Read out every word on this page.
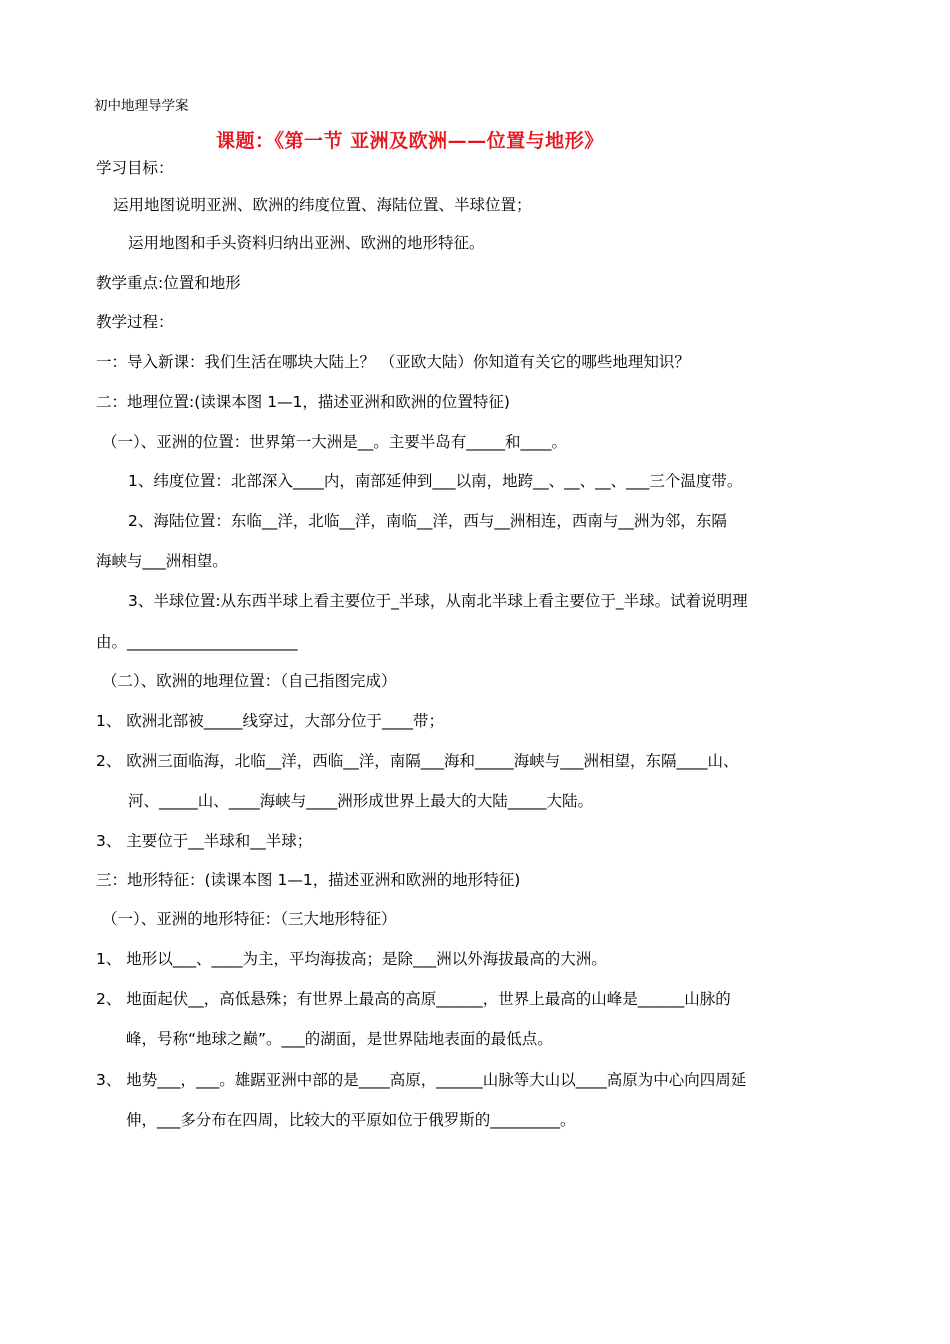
初中地理导学案
课题：《第一节 亚洲及欧洲——位置与地形》
学习目标：
运用地图说明亚洲、欧洲的纬度位置、海陆位置、半球位置；
运用地图和手头资料归纳出亚洲、欧洲的地形特征。
教学重点:位置和地形
教学过程：
一：导入新课：我们生活在哪块大陆上？ （亚欧大陆）你知道有关它的哪些地理知识？
二：地理位置:(读课本图 1—1，描述亚洲和欧洲的位置特征)
（一）、亚洲的位置：世界第一大洲是__。主要半岛有_____和____。
1、纬度位置：北部深入____内，南部延伸到___以南，地跨__、__、__、___三个温度带。
2、海陆位置：东临__洋，北临__洋，南临__洋，西与__洲相连，西南与__洲为邻，东隔
海峡与___洲相望。
3、半球位置:从东西半球上看主要位于_半球，从南北半球上看主要位于_半球。试着说明理
由。______________________
（二）、欧洲的地理位置：（自己指图完成）
1、 欧洲北部被_____线穿过，大部分位于____带；
2、 欧洲三面临海，北临__洋，西临__洋，南隔___海和_____海峡与___洲相望，东隔____山、
河、_____山、____海峡与____洲形成世界上最大的大陆_____大陆。
3、 主要位于__半球和__半球；
三：地形特征：(读课本图 1—1，描述亚洲和欧洲的地形特征)
（一）、亚洲的地形特征：（三大地形特征）
1、 地形以___、____为主，平均海拔高；是除___洲以外海拔最高的大洲。
2、 地面起伏__，高低悬殊；有世界上最高的高原______，世界上最高的山峰是______山脉的
峰，号称“地球之巅”。___的湖面，是世界陆地表面的最低点。
3、 地势___，___。雄踞亚洲中部的是____高原，______山脉等大山以____高原为中心向四周延
伸，___多分布在四周，比较大的平原如位于俄罗斯的_________。
